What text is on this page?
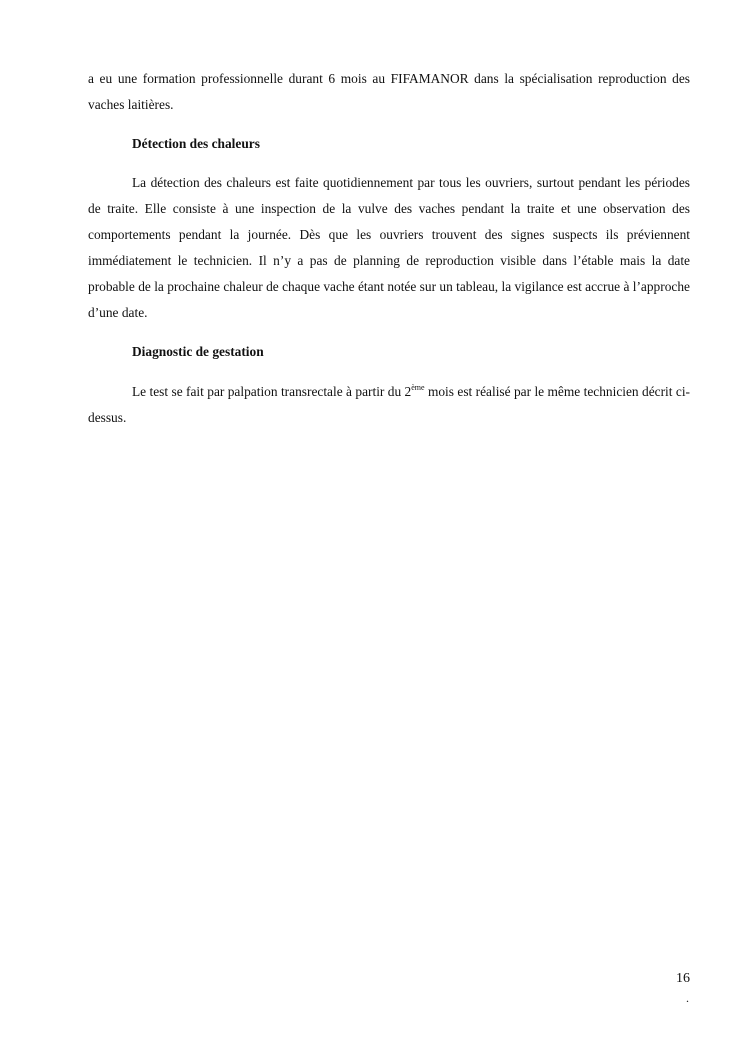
a eu une formation professionnelle durant 6 mois au FIFAMANOR dans la spécialisation reproduction des vaches laitières.

Détection des chaleurs

La détection des chaleurs est faite quotidiennement par tous les ouvriers, surtout pendant les périodes de traite. Elle consiste à une inspection de la vulve des vaches pendant la traite et une observation des comportements pendant la journée. Dès que les ouvriers trouvent des signes suspects ils préviennent immédiatement le technicien. Il n’y a pas de planning de reproduction visible dans l’étable mais la date probable de la prochaine chaleur de chaque vache étant notée sur un tableau, la vigilance est accrue à l’approche d’une date.

Diagnostic de gestation

Le test se fait par palpation transrectale à partir du 2ème mois est réalisé par le même technicien décrit ci-dessus.

16
.
